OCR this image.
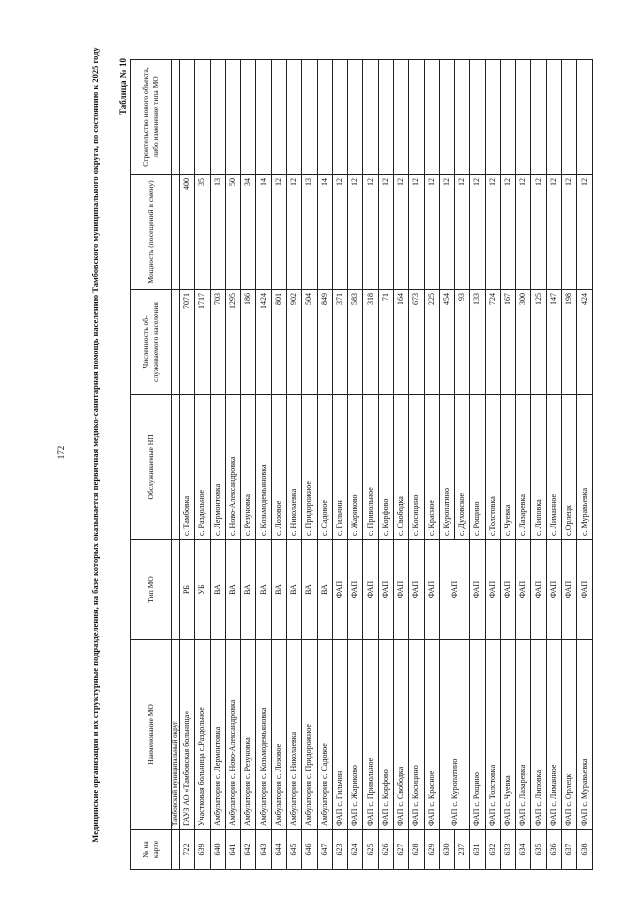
172	Медицинские организации и их структурные подразделения, на базе которых оказывается первичная медико-санитарная помощь населению Тамбовского муниципального округа, по состоянию к 2025 году	Таблица № 10
№ на карте	Наименование МО	Тип МО	Обслуживаемые НП	Численность об-служиваемого населения	Мощность (посещений в смену)	Строительство нового объекта, либо изменение типа МО
	Тамбовский муниципальный округ					
722	ГАУЗ АО «Тамбовская больница»	РБ	с. Тамбовка	7071	400	
639	Участковая больница с.Раздольное	УБ	с. Раздольное	1717	35	
640	Амбулатория с. Лермонтовка	ВА	с. Лермонтовка	703	13	
641	Амбулатория с. Ново-Александровка	ВА	с. Ново-Александровка	1295	50	
642	Амбулатория с. Резуновка	ВА	с. Резуновка	186	34	
643	Амбулатория с. Козьмодемьяновка	ВА	с. Козьмодемьяновка	1424	14	
644	Амбулатория с. Лозовое	ВА	с. Лозовое	801	12	
645	Амбулатория с. Николаевка	ВА	с. Николаевка	902	12	
646	Амбулатория с. Придорожное	ВА	с. Придорожное	504	13	
647	Амбулатория с. Садовое	ВА	с. Садовое	849	14	
623	ФАП с. Гильчин	ФАП	с. Гильчин	371	12	
624	ФАП с. Жариково	ФАП	с. Жариково	583	12	
625	ФАП с. Привольное	ФАП	с. Привольное	318	12	
626	ФАП с. Корфово	ФАП	с. Корфово	71	12	
627	ФАП с. Свободка	ФАП	с. Свободка	164	12	
628	ФАП с. Косицино	ФАП	с. Косицино	673	12	
629	ФАП с. Красное	ФАП	с. Красное	225	12	
630	ФАП с. Куропатино	ФАП	с. Куропатино	454	12	
237			с. Духовское	93	12	
631	ФАП с. Рощино	ФАП	с. Рощино	133	12	
632	ФАП с. Толстовка	ФАП	с.Толстовка	724	12	
633	ФАП с. Чуевка	ФАП	с. Чуевка	167	12	
634	ФАП с. Лазаревка	ФАП	с. Лазаревка	300	12	
635	ФАП с. Липовка	ФАП	с. Липовка	125	12	
636	ФАП с. Лиманное	ФАП	с. Лиманное	147	12	
637	ФАП с. Орлецк	ФАП	с.Орлецк	198	12	
638	ФАП с. Муравьевка	ФАП	с. Муравьевка	424	12	
